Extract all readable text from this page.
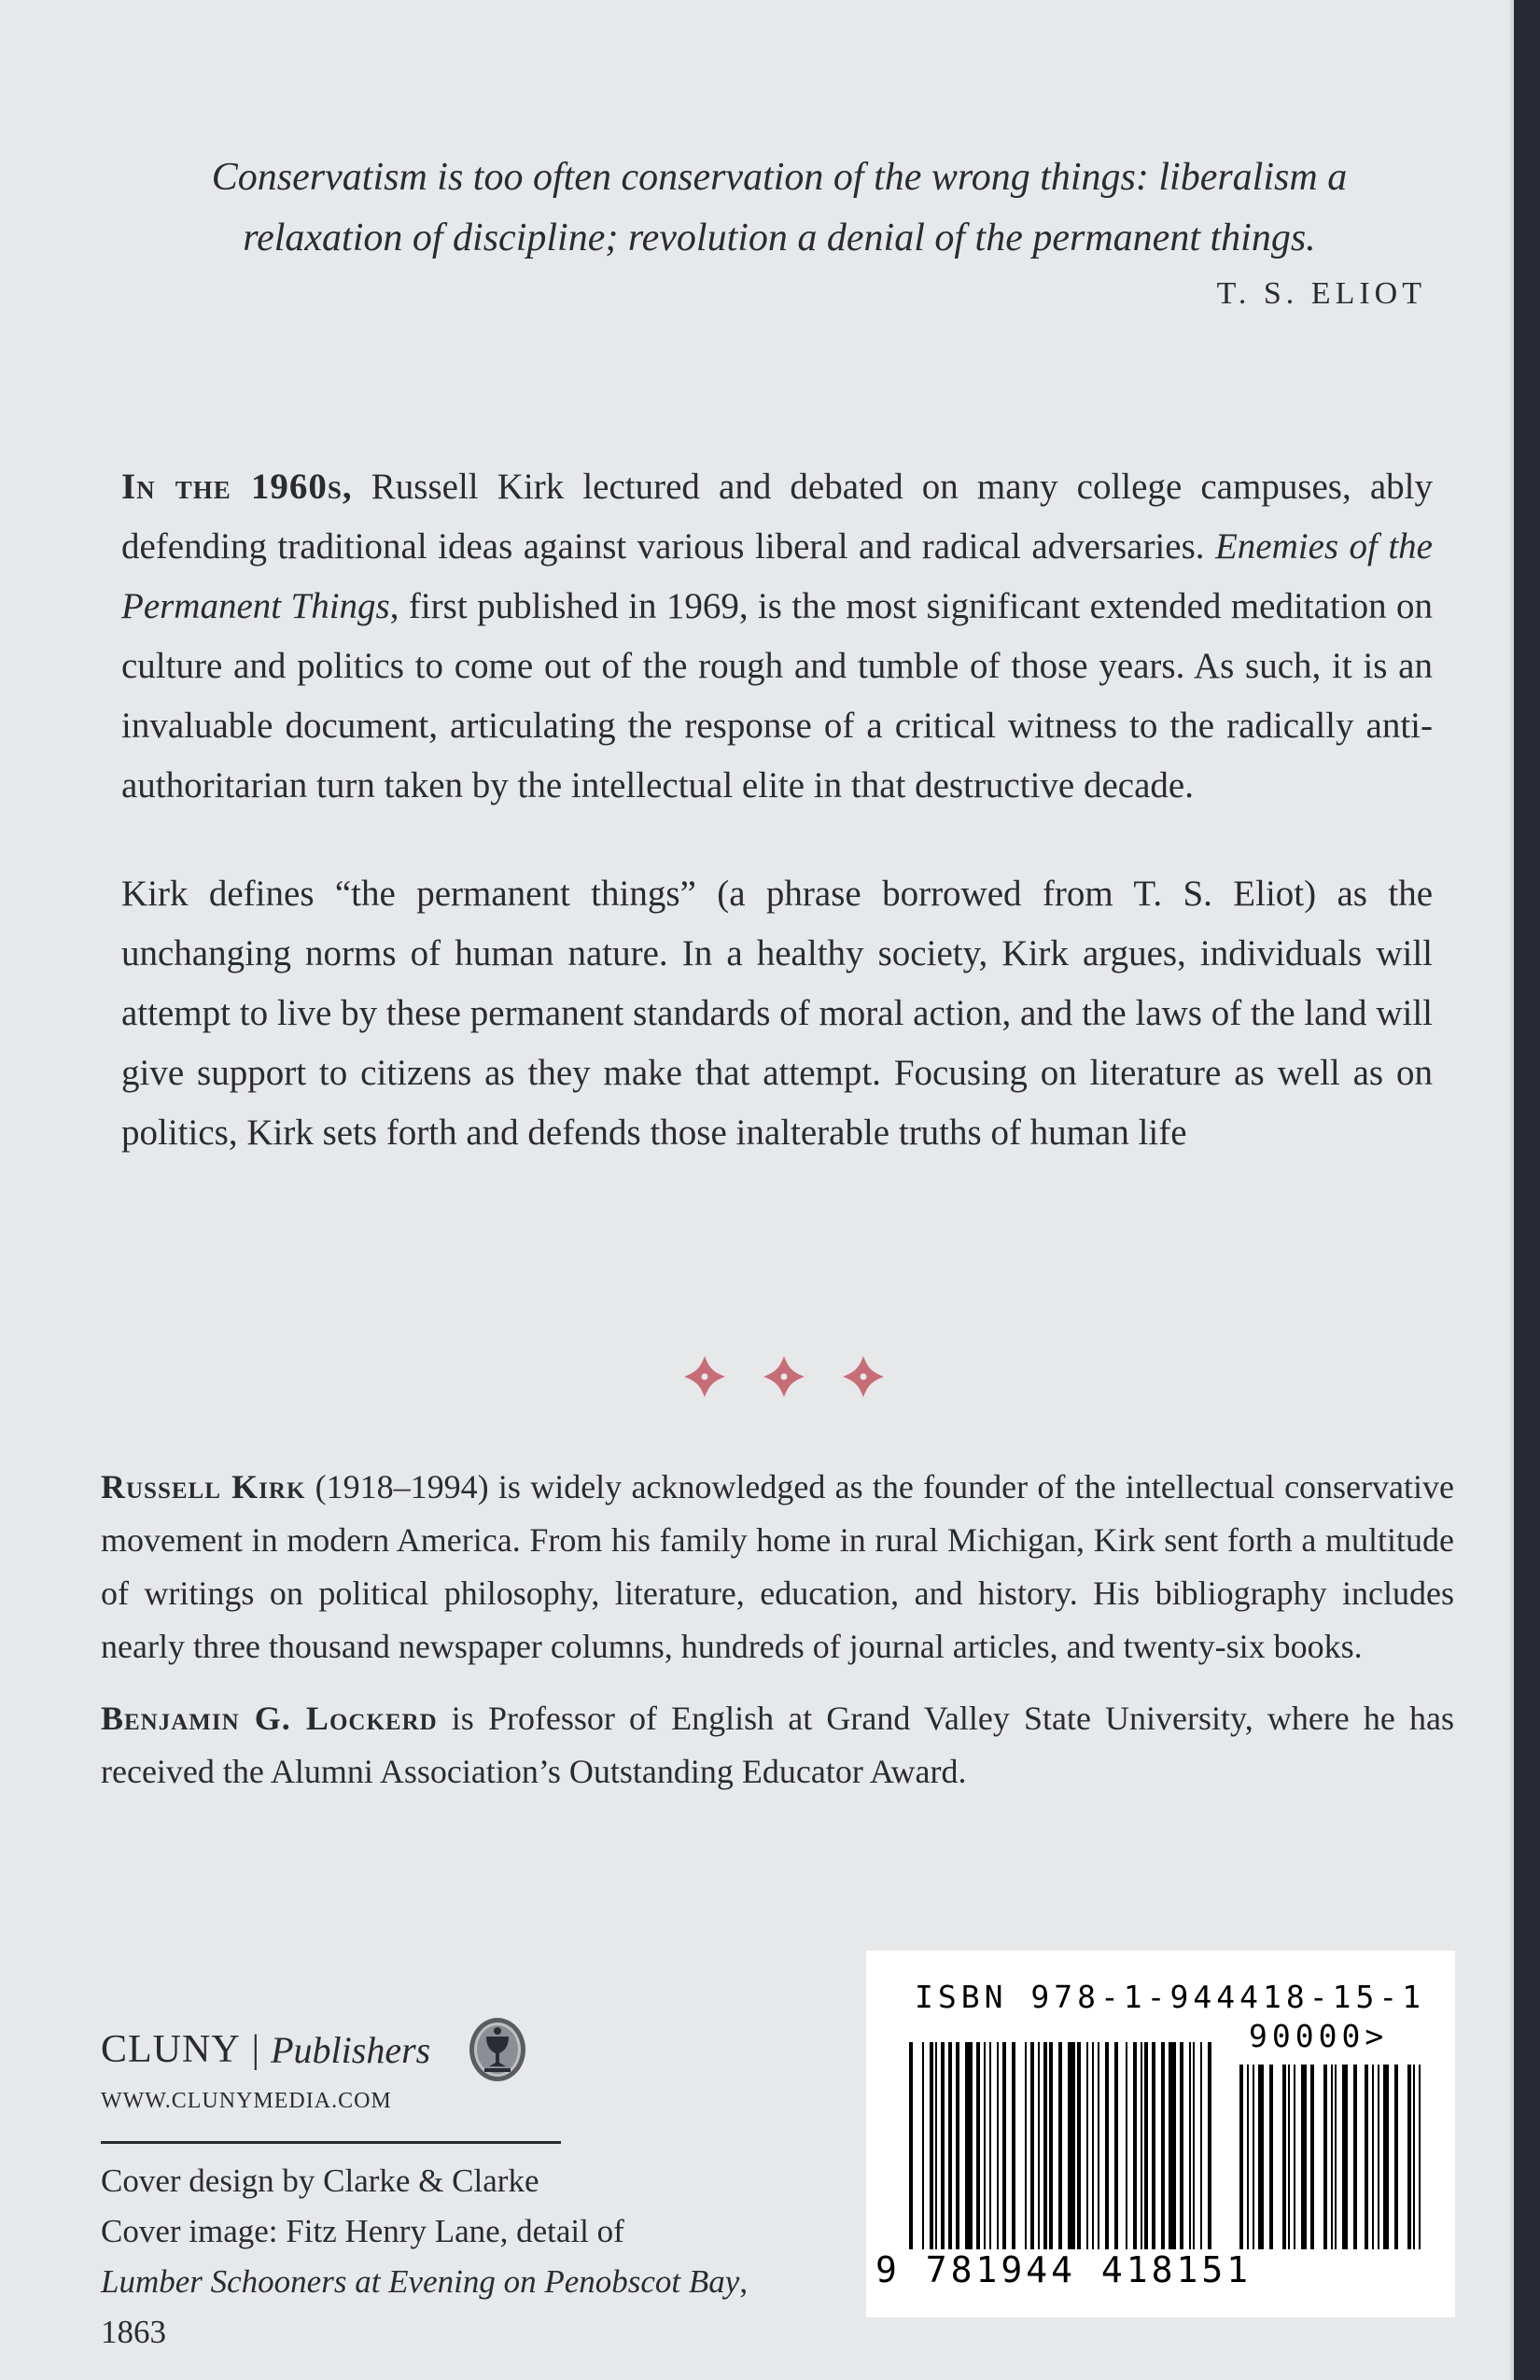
Conservatism is too often conservation of the wrong things: liberalism a relaxation of discipline; revolution a denial of the permanent things.

T. S. ELIOT

In the 1960s, Russell Kirk lectured and debated on many college campuses, ably defending traditional ideas against various liberal and radical adversaries. Enemies of the Permanent Things, first published in 1969, is the most significant extended meditation on culture and politics to come out of the rough and tumble of those years. As such, it is an invaluable document, articulating the response of a critical witness to the radically anti-authoritarian turn taken by the intellectual elite in that destructive decade.

Kirk defines “the permanent things” (a phrase borrowed from T. S. Eliot) as the unchanging norms of human nature. In a healthy society, Kirk argues, individuals will attempt to live by these permanent standards of moral action, and the laws of the land will give support to citizens as they make that attempt. Focusing on literature as well as on politics, Kirk sets forth and defends those inalterable truths of human life

Russell Kirk (1918–1994) is widely acknowledged as the founder of the intellectual conservative movement in modern America. From his family home in rural Michigan, Kirk sent forth a multitude of writings on political philosophy, literature, education, and history. His bibliography includes nearly three thousand newspaper columns, hundreds of journal articles, and twenty-six books.

Benjamin G. Lockerd is Professor of English at Grand Valley State University, where he has received the Alumni Association’s Outstanding Educator Award.

CLUNY | Publishers
WWW.CLUNYMEDIA.COM
Cover design by Clarke & Clarke
Cover image: Fitz Henry Lane, detail of
Lumber Schooners at Evening on Penobscot Bay, 1863
ISBN 978-1-944418-15-1
90000>
9 781944 418151
